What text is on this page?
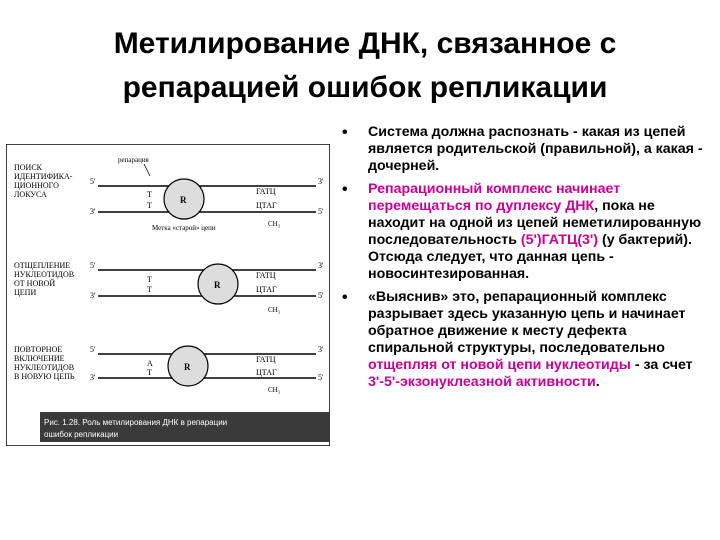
Метилирование ДНК, связанное с
репарацией ошибок репликации
ПОИСК
ИДЕНТИФИКА-
ЦИОННОГО
ЛОКУСА
репарация
5'	3'
3'	5'
Т
Т
R
ГАТЦ
ЦТАГ
CH₃
Метка «старой» цепи
ОТЩЕПЛЕНИЕ
НУКЛЕОТИДОВ
ОТ НОВОЙ
ЦЕПИ
5'	3'
3'	5'
Т
Т	R
ГАТЦ
ЦТАГ
CH₃
ПОВТОРНОЕ
ВКЛЮЧЕНИЕ
НУКЛЕОТИДОВ
В НОВУЮ ЦЕПЬ
5'	3'
3'	5'
А
Т
R
ГАТЦ
ЦТАГ
CH₃
Рис. 1.28. Роль метилирования ДНК в репарации
ошибок репликации
• Система должна распознать - какая из цепей является родительской (правильной), а какая - дочерней.
• Репарационный комплекс начинает перемещаться по дуплексу ДНК, пока не находит на одной из цепей неметилированную последовательность (5')ГАТЦ(3') (у бактерий). Отсюда следует, что данная цепь - новосинтезированная.
• «Выяснив» это, репарационный комплекс разрывает здесь указанную цепь и начинает обратное движение к месту дефекта спиральной структуры, последовательно отщепляя от новой цепи нуклеотиды - за счет 3'-5'-экзонуклеазной активности.
